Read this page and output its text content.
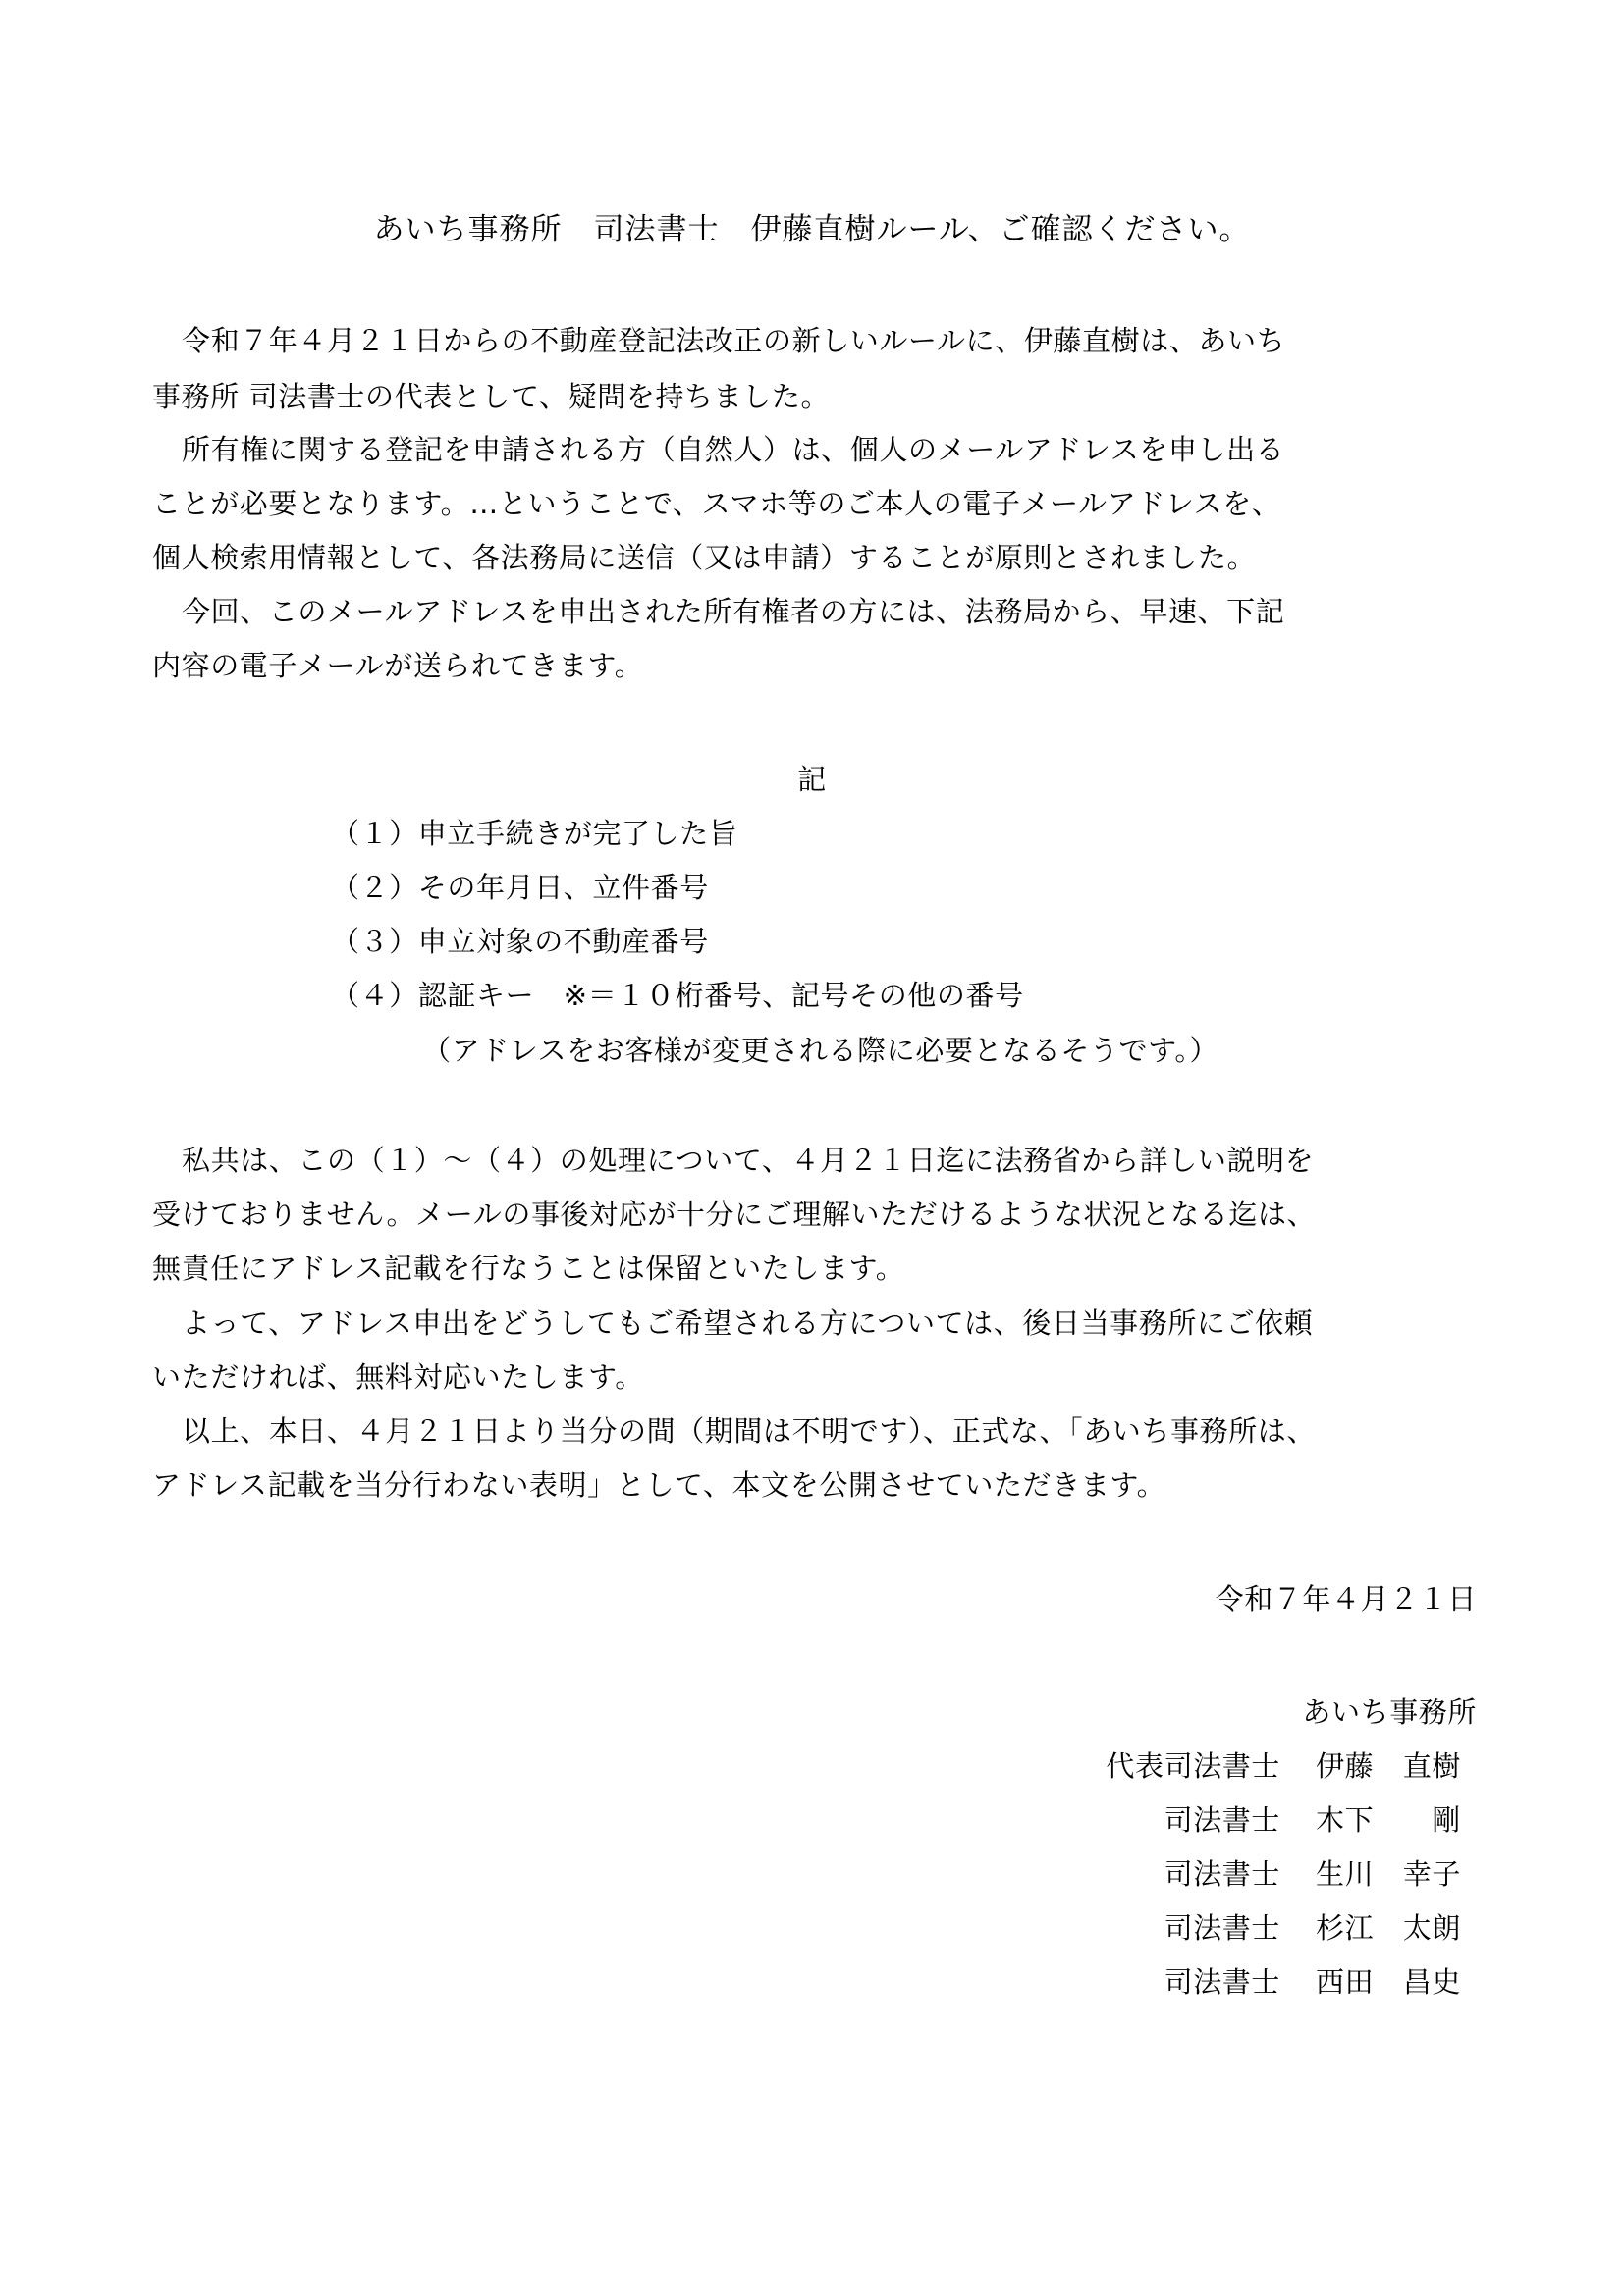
あいち事務所　司法書士　伊藤直樹ルール、ご確認ください。
令和７年４月２１日からの不動産登記法改正の新しいルールに、伊藤直樹は、あいち
事務所 司法書士の代表として、疑問を持ちました。
所有権に関する登記を申請される方（自然人）は、個人のメールアドレスを申し出る
ことが必要となります。…ということで、スマホ等のご本人の電子メールアドレスを、
個人検索用情報として、各法務局に送信（又は申請）することが原則とされました。
今回、このメールアドレスを申出された所有権者の方には、法務局から、早速、下記
内容の電子メールが送られてきます。
記
（１）申立手続きが完了した旨
（２）その年月日、立件番号
（３）申立対象の不動産番号
（４）認証キー　※＝１０桁番号、記号その他の番号
（アドレスをお客様が変更される際に必要となるそうです。）
私共は、この（１）～（４）の処理について、４月２１日迄に法務省から詳しい説明を
受けておりません。メールの事後対応が十分にご理解いただけるような状況となる迄は、
無責任にアドレス記載を行なうことは保留といたします。
よって、アドレス申出をどうしてもご希望される方については、後日当事務所にご依頼
いただければ、無料対応いたします。
以上、本日、４月２１日より当分の間（期間は不明です）、正式な、「あいち事務所は、
アドレス記載を当分行わない表明」として、本文を公開させていただきます。
令和７年４月２１日
あいち事務所
代表司法書士	伊藤　直樹
司法書士	木下　　剛
司法書士	生川　幸子
司法書士	杉江　太朗
司法書士	西田　昌史
